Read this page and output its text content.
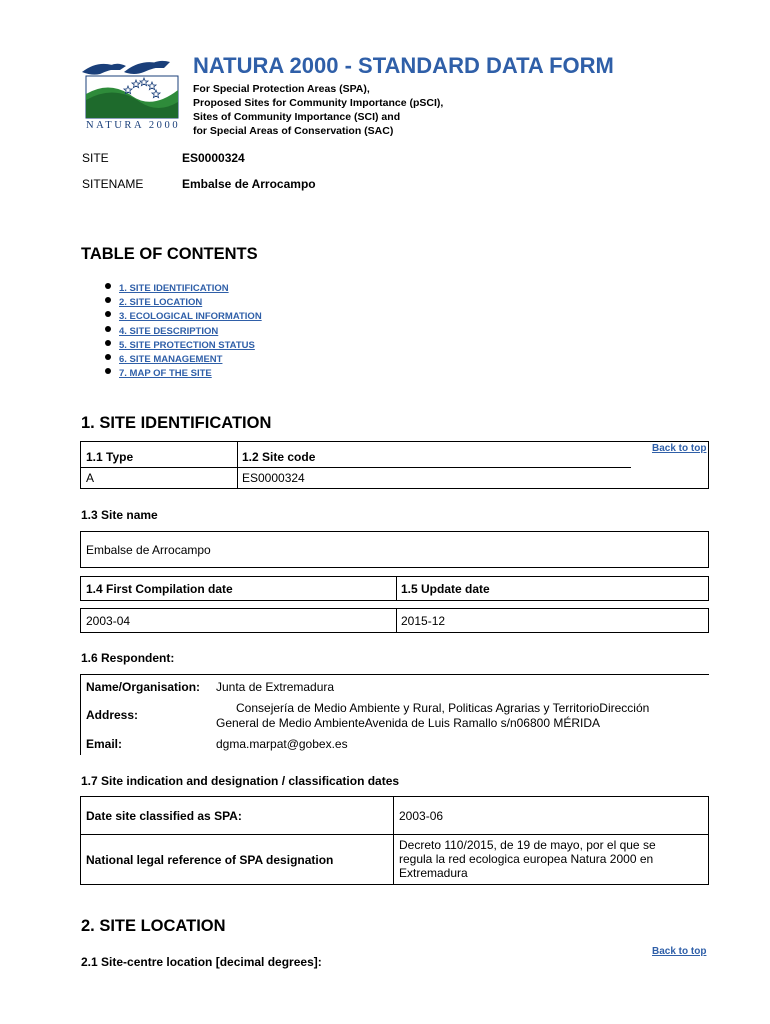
NATURA 2000
NATURA 2000 - STANDARD DATA FORM
For Special Protection Areas (SPA),
Proposed Sites for Community Importance (pSCI),
Sites of Community Importance (SCI) and
for Special Areas of Conservation (SAC)
SITE	ES0000324
SITENAME	Embalse de Arrocampo
TABLE OF CONTENTS
1. SITE IDENTIFICATION
2. SITE LOCATION
3. ECOLOGICAL INFORMATION
4. SITE DESCRIPTION
5. SITE PROTECTION STATUS
6. SITE MANAGEMENT
7. MAP OF THE SITE
1. SITE IDENTIFICATION
1.1 Type	1.2 Site code
A	ES0000324
Back to top
1.3 Site name
Embalse de Arrocampo
1.4 First Compilation date	1.5 Update date
2003-04	2015-12
1.6 Respondent:
Name/Organisation: Junta de Extremadura
Address:	Consejería de Medio Ambiente y Rural, Politicas Agrarias y TerritorioDirección
General de Medio AmbienteAvenida de Luis Ramallo s/n06800 MÉRIDA
Email:	dgma.marpat@gobex.es
1.7 Site indication and designation / classification dates
Date site classified as SPA:	2003-06
National legal reference of SPA designation
Decreto 110/2015, de 19 de mayo, por el que se
regula la red ecologica europea Natura 2000 en
Extremadura
2. SITE LOCATION
Back to top
2.1 Site-centre location [decimal degrees]:
